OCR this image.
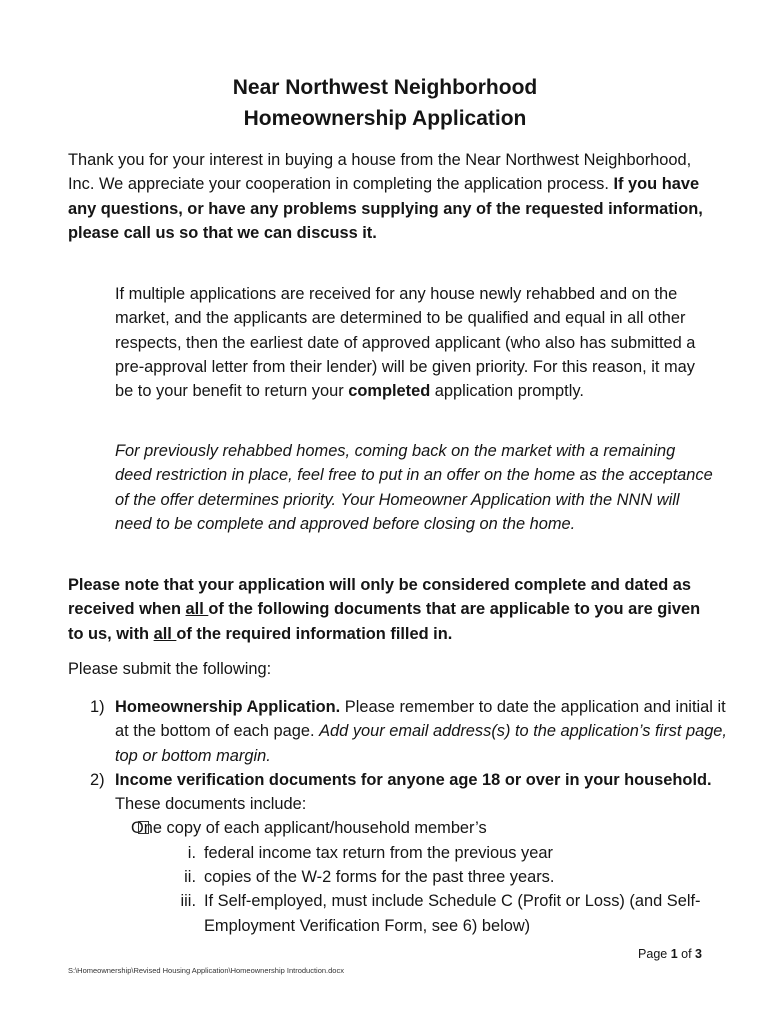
Near Northwest Neighborhood
Homeownership Application
Thank you for your interest in buying a house from the Near Northwest Neighborhood, Inc. We appreciate your cooperation in completing the application process. If you have any questions, or have any problems supplying any of the requested information, please call us so that we can discuss it.
If multiple applications are received for any house newly rehabbed and on the market, and the applicants are determined to be qualified and equal in all other respects, then the earliest date of approved applicant (who also has submitted a pre-approval letter from their lender) will be given priority. For this reason, it may be to your benefit to return your completed application promptly.
For previously rehabbed homes, coming back on the market with a remaining deed restriction in place, feel free to put in an offer on the home as the acceptance of the offer determines priority. Your Homeowner Application with the NNN will need to be complete and approved before closing on the home.
Please note that your application will only be considered complete and dated as received when all of the following documents that are applicable to you are given to us, with all of the required information filled in.
Please submit the following:
1) Homeownership Application. Please remember to date the application and initial it at the bottom of each page. Add your email address(s) to the application’s first page, top or bottom margin.
2) Income verification documents for anyone age 18 or over in your household. These documents include:
One copy of each applicant/household member’s
i. federal income tax return from the previous year
ii. copies of the W-2 forms for the past three years.
iii. If Self-employed, must include Schedule C (Profit or Loss) (and Self-Employment Verification Form, see 6) below)
Page 1 of 3
S:\Homeownership\Revised Housing Application\Homeownership Introduction.docx
